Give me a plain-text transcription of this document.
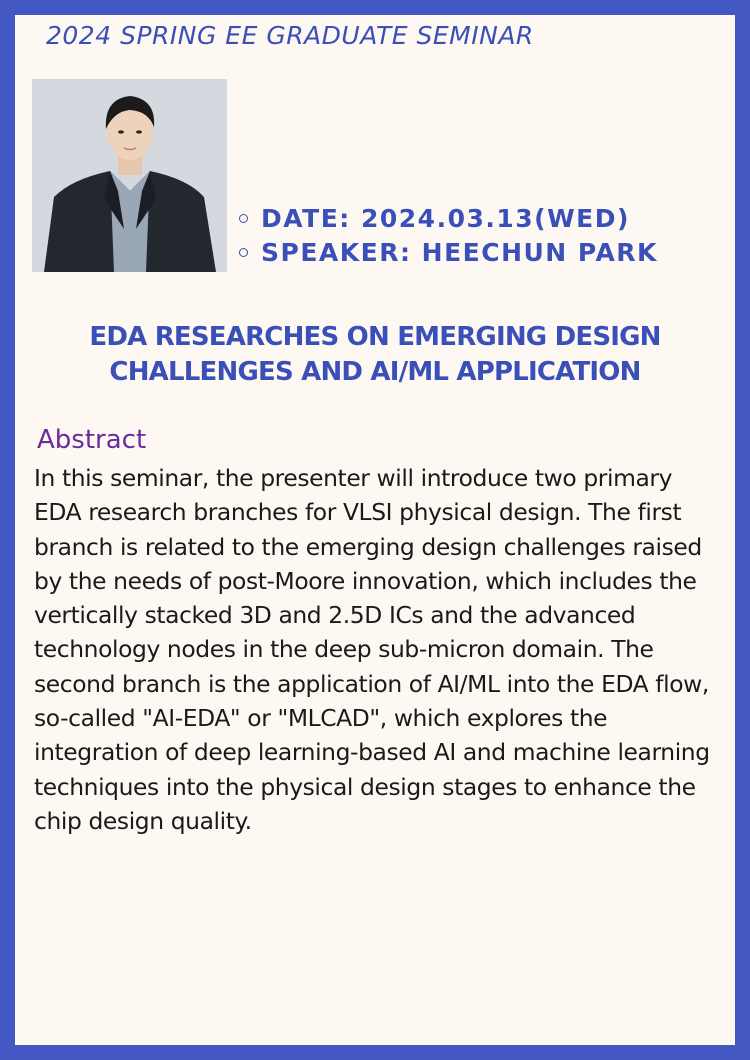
2024 SPRING EE GRADUATE SEMINAR
DATE: 2024.03.13(WED)
SPEAKER: HEECHUN PARK
EDA RESEARCHES ON EMERGING DESIGN CHALLENGES AND AI/ML APPLICATION
Abstract

In this seminar, the presenter will introduce two primary EDA research branches for VLSI physical design. The first branch is related to the emerging design challenges raised by the needs of post-Moore innovation, which includes the vertically stacked 3D and 2.5D ICs and the advanced technology nodes in the deep sub-micron domain. The second branch is the application of AI/ML into the EDA flow, so-called "AI-EDA" or "MLCAD", which explores the integration of deep learning-based AI and machine learning techniques into the physical design stages to enhance the chip design quality.
